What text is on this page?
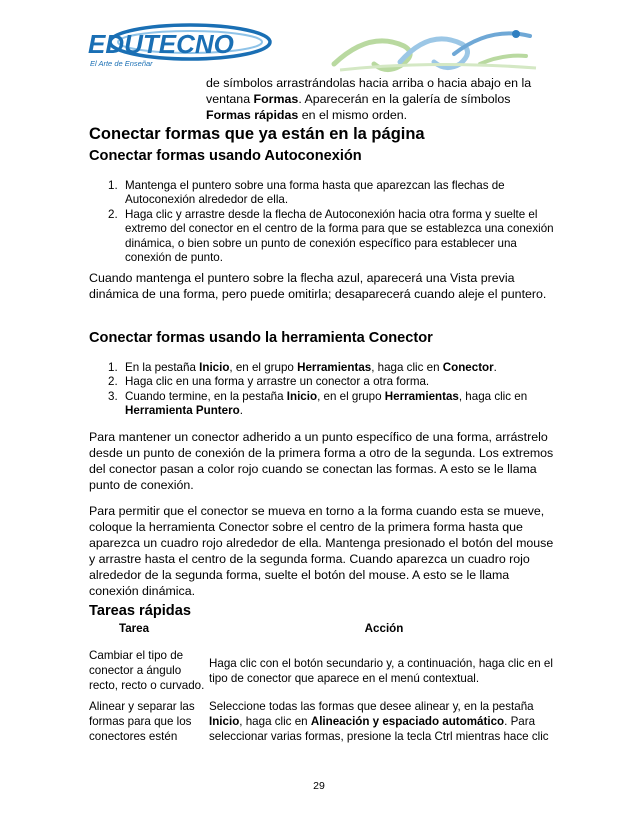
EDUTECNO
El Arte de Enseñar

de símbolos arrastrándolas hacia arriba o hacia abajo en la ventana Formas. Aparecerán en la galería de símbolos Formas rápidas en el mismo orden.

Conectar formas que ya están en la página
Conectar formas usando Autoconexión
1. Mantenga el puntero sobre una forma hasta que aparezcan las flechas de Autoconexión alrededor de ella.
2. Haga clic y arrastre desde la flecha de Autoconexión hacia otra forma y suelte el extremo del conector en el centro de la forma para que se establezca una conexión dinámica, o bien sobre un punto de conexión específico para establecer una conexión de punto.

Cuando mantenga el puntero sobre la flecha azul, aparecerá una Vista previa dinámica de una forma, pero puede omitirla; desaparecerá cuando aleje el puntero.

Conectar formas usando la herramienta Conector
1. En la pestaña Inicio, en el grupo Herramientas, haga clic en Conector.
2. Haga clic en una forma y arrastre un conector a otra forma.
3. Cuando termine, en la pestaña Inicio, en el grupo Herramientas, haga clic en Herramienta Puntero.

Para mantener un conector adherido a un punto específico de una forma, arrástrelo desde un punto de conexión de la primera forma a otro de la segunda. Los extremos del conector pasan a color rojo cuando se conectan las formas. A esto se le llama punto de conexión.

Para permitir que el conector se mueva en torno a la forma cuando esta se mueve, coloque la herramienta Conector sobre el centro de la primera forma hasta que aparezca un cuadro rojo alrededor de ella. Mantenga presionado el botón del mouse y arrastre hasta el centro de la segunda forma. Cuando aparezca un cuadro rojo alrededor de la segunda forma, suelte el botón del mouse. A esto se le llama conexión dinámica.

Tareas rápidas
Tarea	Acción
Cambiar el tipo de conector a ángulo recto, recto o curvado.	Haga clic con el botón secundario y, a continuación, haga clic en el tipo de conector que aparece en el menú contextual.
Alinear y separar las formas para que los conectores estén	Seleccione todas las formas que desee alinear y, en la pestaña Inicio, haga clic en Alineación y espaciado automático. Para seleccionar varias formas, presione la tecla Ctrl mientras hace clic
29
